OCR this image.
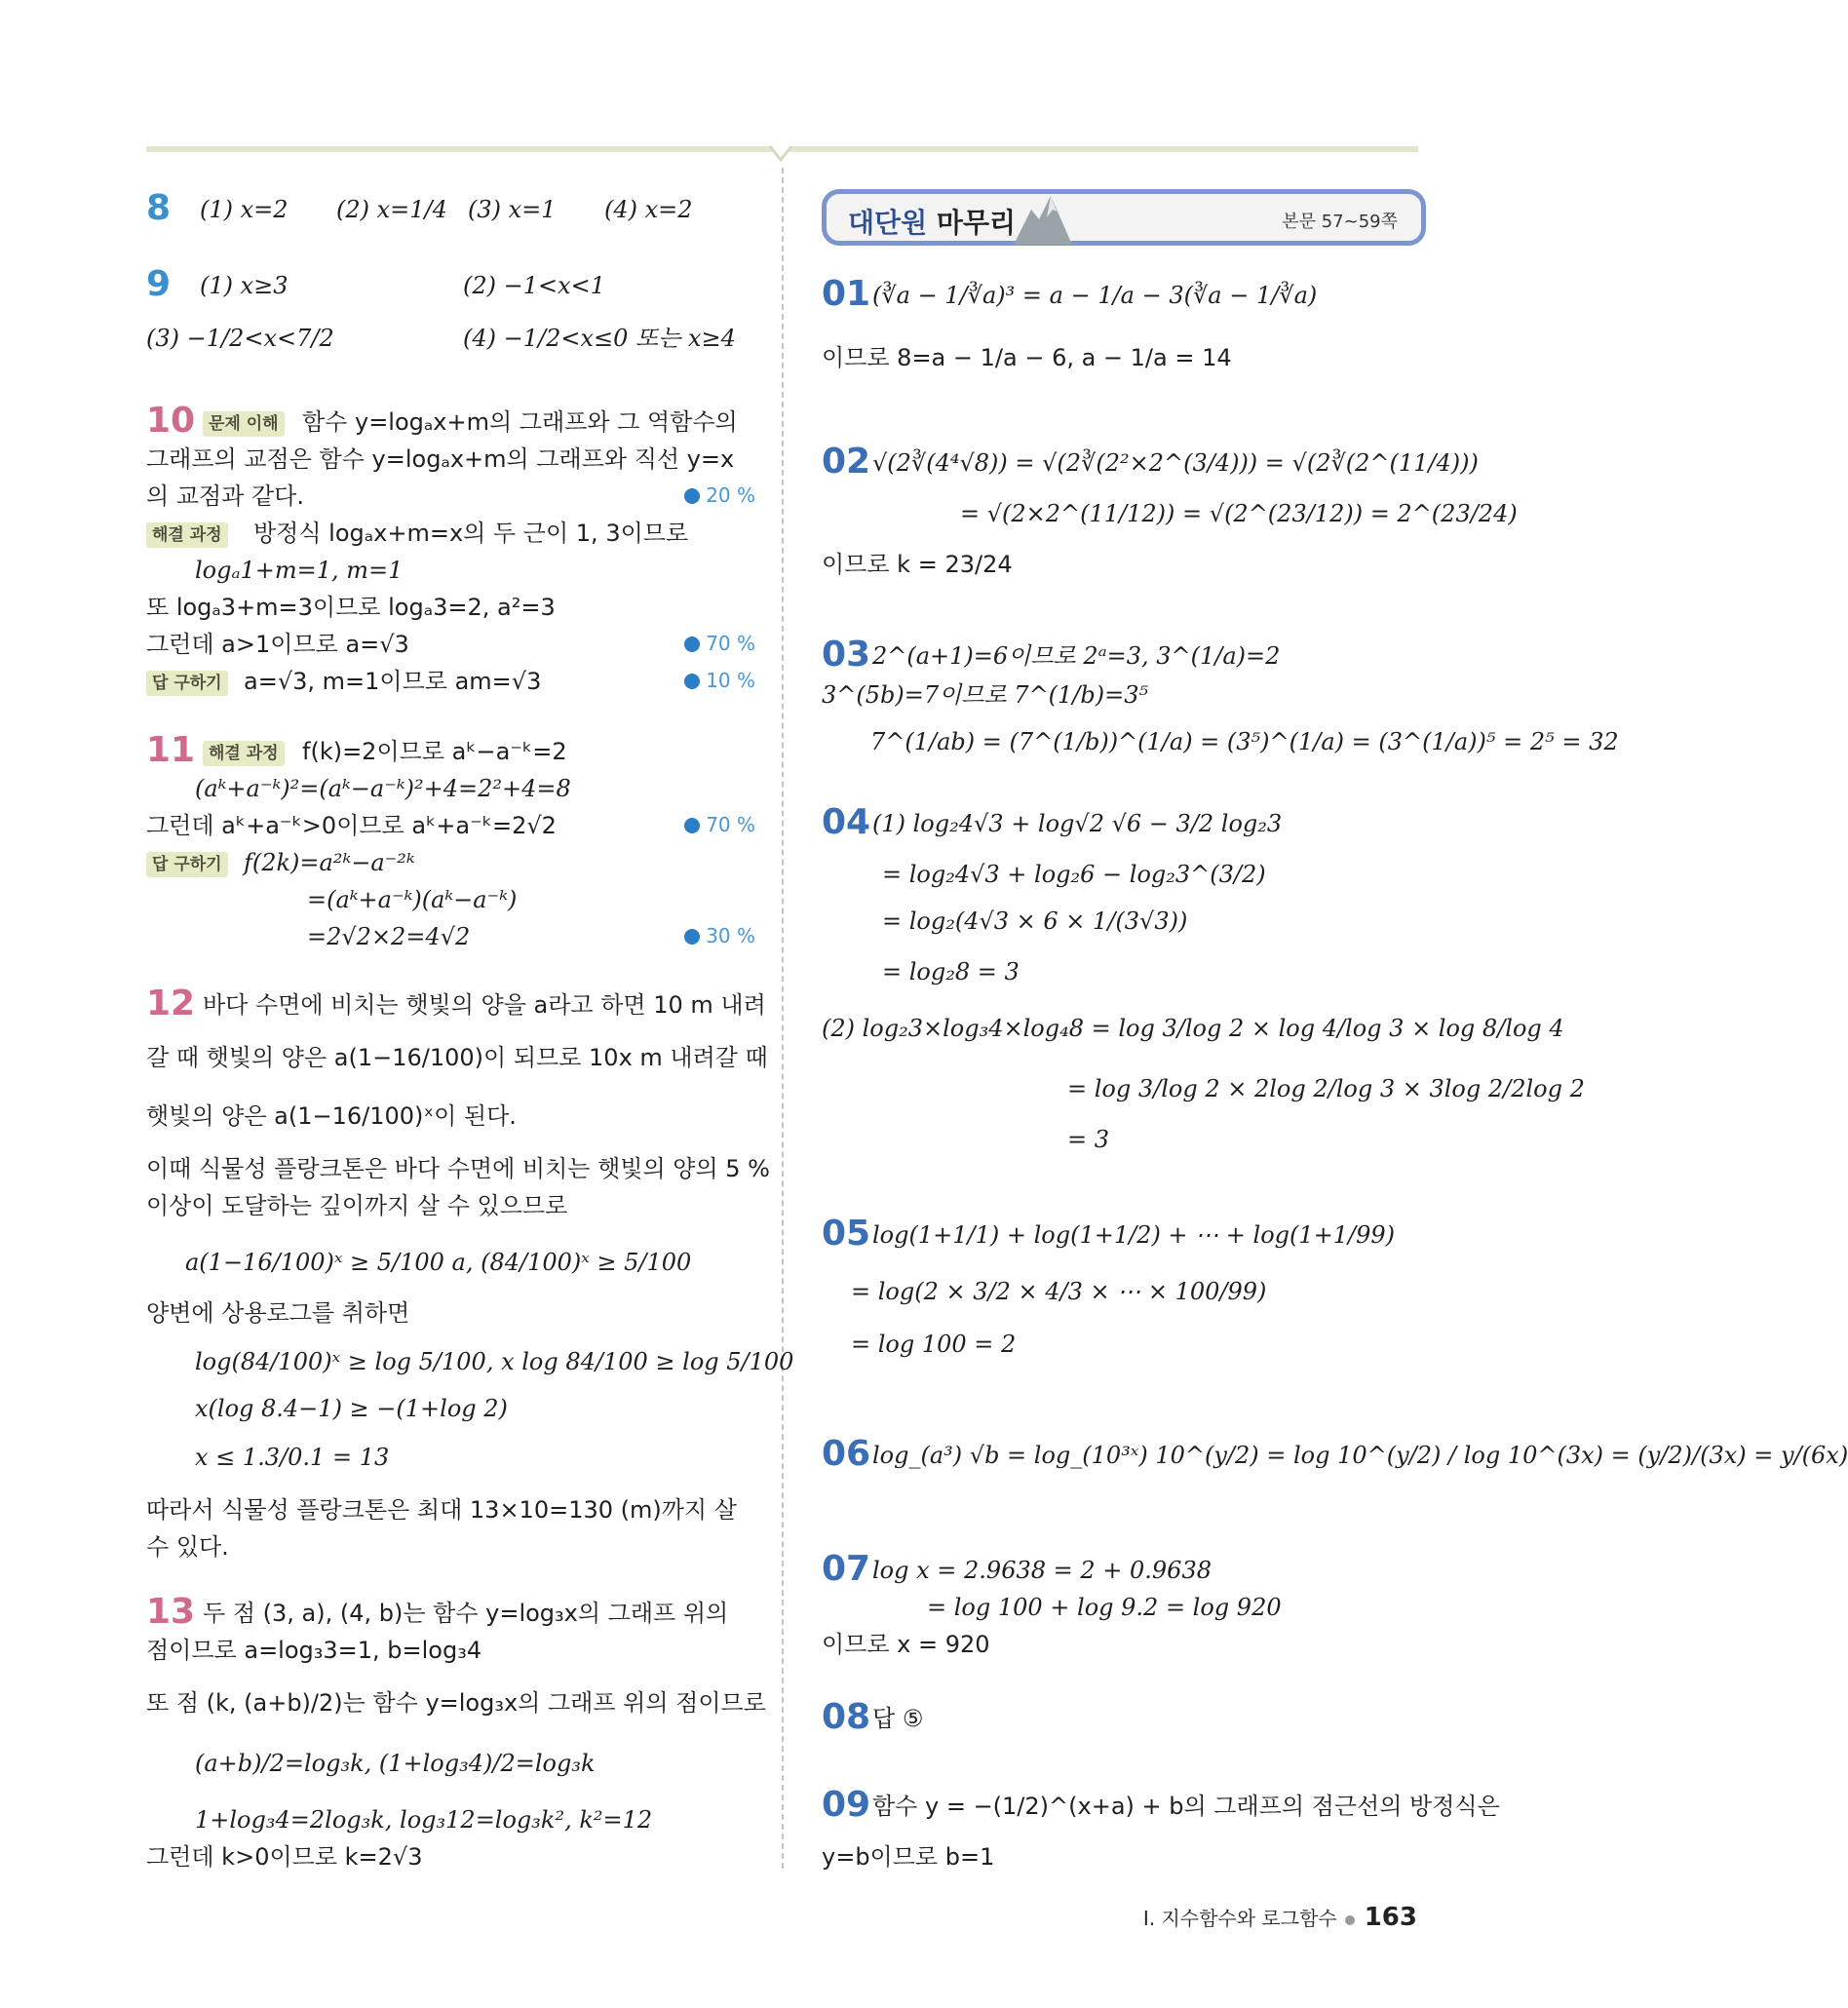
8 (1) x=2 (2) x=1/4 (3) x=1 (4) x=2
9 (1) x≥3	(2) −1<x<1
(3) −1/2<x<7/2	(4) −1/2<x≤0 또는 x≥4
10 문제 이해 함수 y=logₐx+m의 그래프와 그 역함수의
그래프의 교점은 함수 y=logₐx+m의 그래프와 직선 y=x
의 교점과 같다.	20 %
해결 과정 방정식 logₐx+m=x의 두 근이 1, 3이므로
logₐ1+m=1, m=1
또 logₐ3+m=3이므로 logₐ3=2, a²=3
그런데 a>1이므로 a=√3	70 %
답 구하기 a=√3, m=1이므로 am=√3	10 %
11 해결 과정 f(k)=2이므로 aᵏ−a⁻ᵏ=2
(aᵏ+a⁻ᵏ)²=(aᵏ−a⁻ᵏ)²+4=2²+4=8
그런데 aᵏ+a⁻ᵏ>0이므로 aᵏ+a⁻ᵏ=2√2	70 %
답 구하기 f(2k)=a²ᵏ−a⁻²ᵏ
=(aᵏ+a⁻ᵏ)(aᵏ−a⁻ᵏ)
=2√2×2=4√2	30 %
12 바다 수면에 비치는 햇빛의 양을 a라고 하면 10 m 내려
갈 때 햇빛의 양은 a(1−16/100)이 되므로 10x m 내려갈 때
햇빛의 양은 a(1−16/100)ˣ이 된다.
이때 식물성 플랑크톤은 바다 수면에 비치는 햇빛의 양의 5 %
이상이 도달하는 깊이까지 살 수 있으므로
a(1−16/100)ˣ ≥ 5/100 a, (84/100)ˣ ≥ 5/100
양변에 상용로그를 취하면
log(84/100)ˣ ≥ log 5/100, x log 84/100 ≥ log 5/100
x(log 8.4−1) ≥ −(1+log 2)
x ≤ 1.3/0.1 = 13
따라서 식물성 플랑크톤은 최대 13×10=130 (m)까지 살
수 있다.
13 두 점 (3, a), (4, b)는 함수 y=log₃x의 그래프 위의
점이므로 a=log₃3=1, b=log₃4
또 점 (k, (a+b)/2)는 함수 y=log₃x의 그래프 위의 점이므로
(a+b)/2=log₃k, (1+log₃4)/2=log₃k
1+log₃4=2log₃k, log₃12=log₃k², k²=12
그런데 k>0이므로 k=2√3
대단원 마무리	본문 57~59쪽
01 (∛a − 1/∛a)³ = a − 1/a − 3(∛a − 1/∛a)
이므로 8=a − 1/a − 6, a − 1/a = 14
02 √(2∛(4⁴√8)) = √(2∛(2²×2^(3/4))) = √(2∛(2^(11/4)))
= √(2×2^(11/12)) = √(2^(23/12)) = 2^(23/24)
이므로 k = 23/24
03 2^(a+1)=6이므로 2ᵃ=3, 3^(1/a)=2
3^(5b)=7이므로 7^(1/b)=3⁵
7^(1/ab) = (7^(1/b))^(1/a) = (3⁵)^(1/a) = (3^(1/a))⁵ = 2⁵ = 32
04 (1) log₂4√3 + log√2 √6 − 3/2 log₂3
= log₂4√3 + log₂6 − log₂3^(3/2)
= log₂(4√3 × 6 × 1/(3√3))
= log₂8 = 3
(2) log₂3×log₃4×log₄8 = log 3/log 2 × log 4/log 3 × log 8/log 4
= log 3/log 2 × 2log 2/log 3 × 3log 2/2log 2
= 3
05 log(1+1/1) + log(1+1/2) + ⋯ + log(1+1/99)
= log(2 × 3/2 × 4/3 × ⋯ × 100/99)
= log 100 = 2
06 log_(a³) √b = log_(10³ˣ) 10^(y/2) = log 10^(y/2) / log 10^(3x) = (y/2)/(3x) = y/(6x)
07 log x = 2.9638 = 2 + 0.9638
= log 100 + log 9.2 = log 920
이므로 x = 920
08 답 ⑤
09 함수 y = −(1/2)^(x+a) + b의 그래프의 점근선의 방정식은
y=b이므로 b=1
Ⅰ. 지수함수와 로그함수 163
